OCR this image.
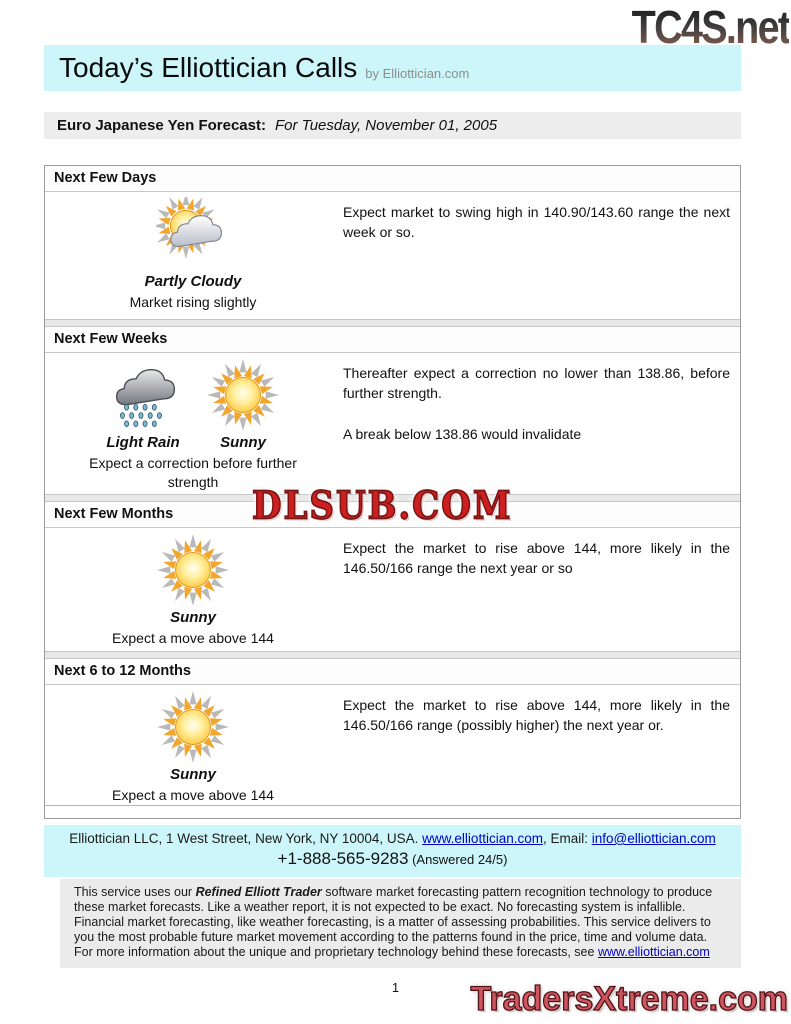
TC4S.net
Today’s Elliottician Calls by Elliottician.com
Euro Japanese Yen Forecast: For Tuesday, November 01, 2005
Next Few Days
Partly Cloudy
Market rising slightly

Expect market to swing high in 140.90/143.60 range the next week or so.

Next Few Weeks
Light Rain	Sunny
Expect a correction before further strength

Thereafter expect a correction no lower than 138.86, before further strength.

A break below 138.86 would invalidate

Next Few Months
Sunny
Expect a move above 144

Expect the market to rise above 144, more likely in the 146.50/166 range the next year or so

Next 6 to 12 Months
Sunny
Expect a move above 144

Expect the market to rise above 144, more likely in the 146.50/166 range (possibly higher) the next year or.

DLSUB.COM
Elliottician LLC, 1 West Street, New York, NY 10004, USA. www.elliottician.com, Email: info@elliottician.com
+1-888-565-9283 (Answered 24/5)
This service uses our Refined Elliott Trader software market forecasting pattern recognition technology to produce these market forecasts. Like a weather report, it is not expected to be exact. No forecasting system is infallible. Financial market forecasting, like weather forecasting, is a matter of assessing probabilities. This service delivers to you the most probable future market movement according to the patterns found in the price, time and volume data. For more information about the unique and proprietary technology behind these forecasts, see www.elliottician.com
1	TradersXtreme.com
